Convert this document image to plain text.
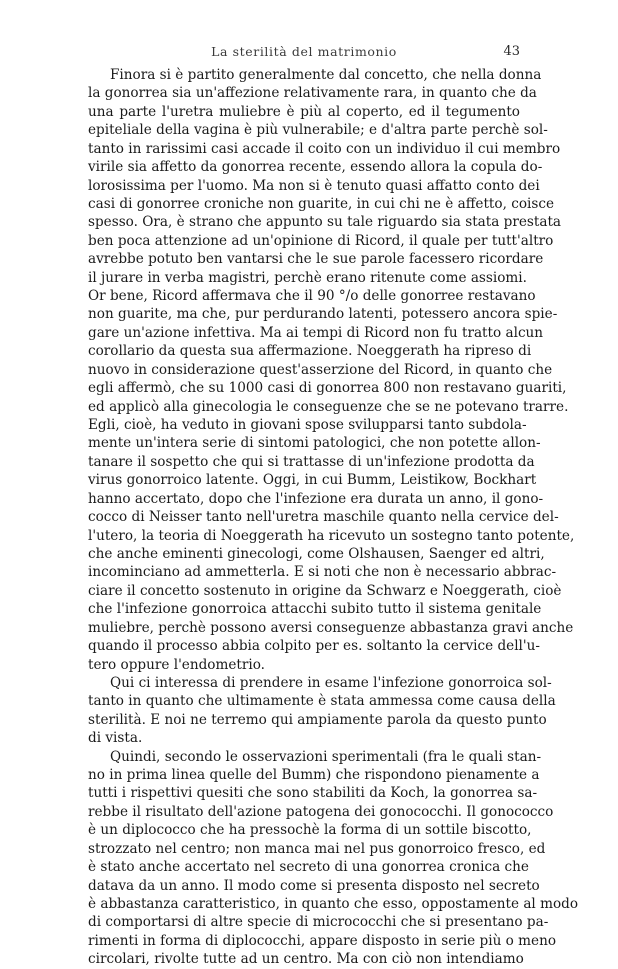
La sterilità del matrimonio	43

Finora si è partito generalmente dal concetto, che nella donna
la gonorrea sia un'affezione relativamente rara, in quanto che da
una parte l'uretra muliebre è più al coperto, ed il tegumento
epiteliale della vagina è più vulnerabile; e d'altra parte perchè sol-
tanto in rarissimi casi accade il coito con un individuo il cui membro
virile sia affetto da gonorrea recente, essendo allora la copula do-
lorosissima per l'uomo. Ma non si è tenuto quasi affatto conto dei
casi di gonorree croniche non guarite, in cui chi ne è affetto, coisce
spesso. Ora, è strano che appunto su tale riguardo sia stata prestata
ben poca attenzione ad un'opinione di Ricord, il quale per tutt'altro
avrebbe potuto ben vantarsi che le sue parole facessero ricordare
il jurare in verba magistri, perchè erano ritenute come assiomi.
Or bene, Ricord affermava che il 90 °/o delle gonorree restavano
non guarite, ma che, pur perdurando latenti, potessero ancora spie-
gare un'azione infettiva. Ma ai tempi di Ricord non fu tratto alcun
corollario da questa sua affermazione. Noeggerath ha ripreso di
nuovo in considerazione quest'asserzione del Ricord, in quanto che
egli affermò, che su 1000 casi di gonorrea 800 non restavano guariti,
ed applicò alla ginecologia le conseguenze che se ne potevano trarre.
Egli, cioè, ha veduto in giovani spose svilupparsi tanto subdola-
mente un'intera serie di sintomi patologici, che non potette allon-
tanare il sospetto che qui si trattasse di un'infezione prodotta da
virus gonorroico latente. Oggi, in cui Bumm, Leistikow, Bockhart
hanno accertato, dopo che l'infezione era durata un anno, il gono-
cocco di Neisser tanto nell'uretra maschile quanto nella cervice del-
l'utero, la teoria di Noeggerath ha ricevuto un sostegno tanto potente,
che anche eminenti ginecologi, come Olshausen, Saenger ed altri,
incominciano ad ammetterla. E si noti che non è necessario abbrac-
ciare il concetto sostenuto in origine da Schwarz e Noeggerath, cioè
che l'infezione gonorroica attacchi subito tutto il sistema genitale
muliebre, perchè possono aversi conseguenze abbastanza gravi anche
quando il processo abbia colpito per es. soltanto la cervice dell'u-
tero oppure l'endometrio.

Qui ci interessa di prendere in esame l'infezione gonorroica sol-
tanto in quanto che ultimamente è stata ammessa come causa della
sterilità. E noi ne terremo qui ampiamente parola da questo punto
di vista.

Quindi, secondo le osservazioni sperimentali (fra le quali stan-
no in prima linea quelle del Bumm) che rispondono pienamente a
tutti i rispettivi quesiti che sono stabiliti da Koch, la gonorrea sa-
rebbe il risultato dell'azione patogena dei gonococchi. Il gonococco
è un diplococco che ha pressochè la forma di un sottile biscotto,
strozzato nel centro; non manca mai nel pus gonorroico fresco, ed
è stato anche accertato nel secreto di una gonorrea cronica che
datava da un anno. Il modo come si presenta disposto nel secreto
è abbastanza caratteristico, in quanto che esso, oppostamente al modo
di comportarsi di altre specie di micrococchi che si presentano pa-
rimenti in forma di diplococchi, appare disposto in serie più o meno
circolari, rivolte tutte ad un centro. Ma con ciò non intendiamo
